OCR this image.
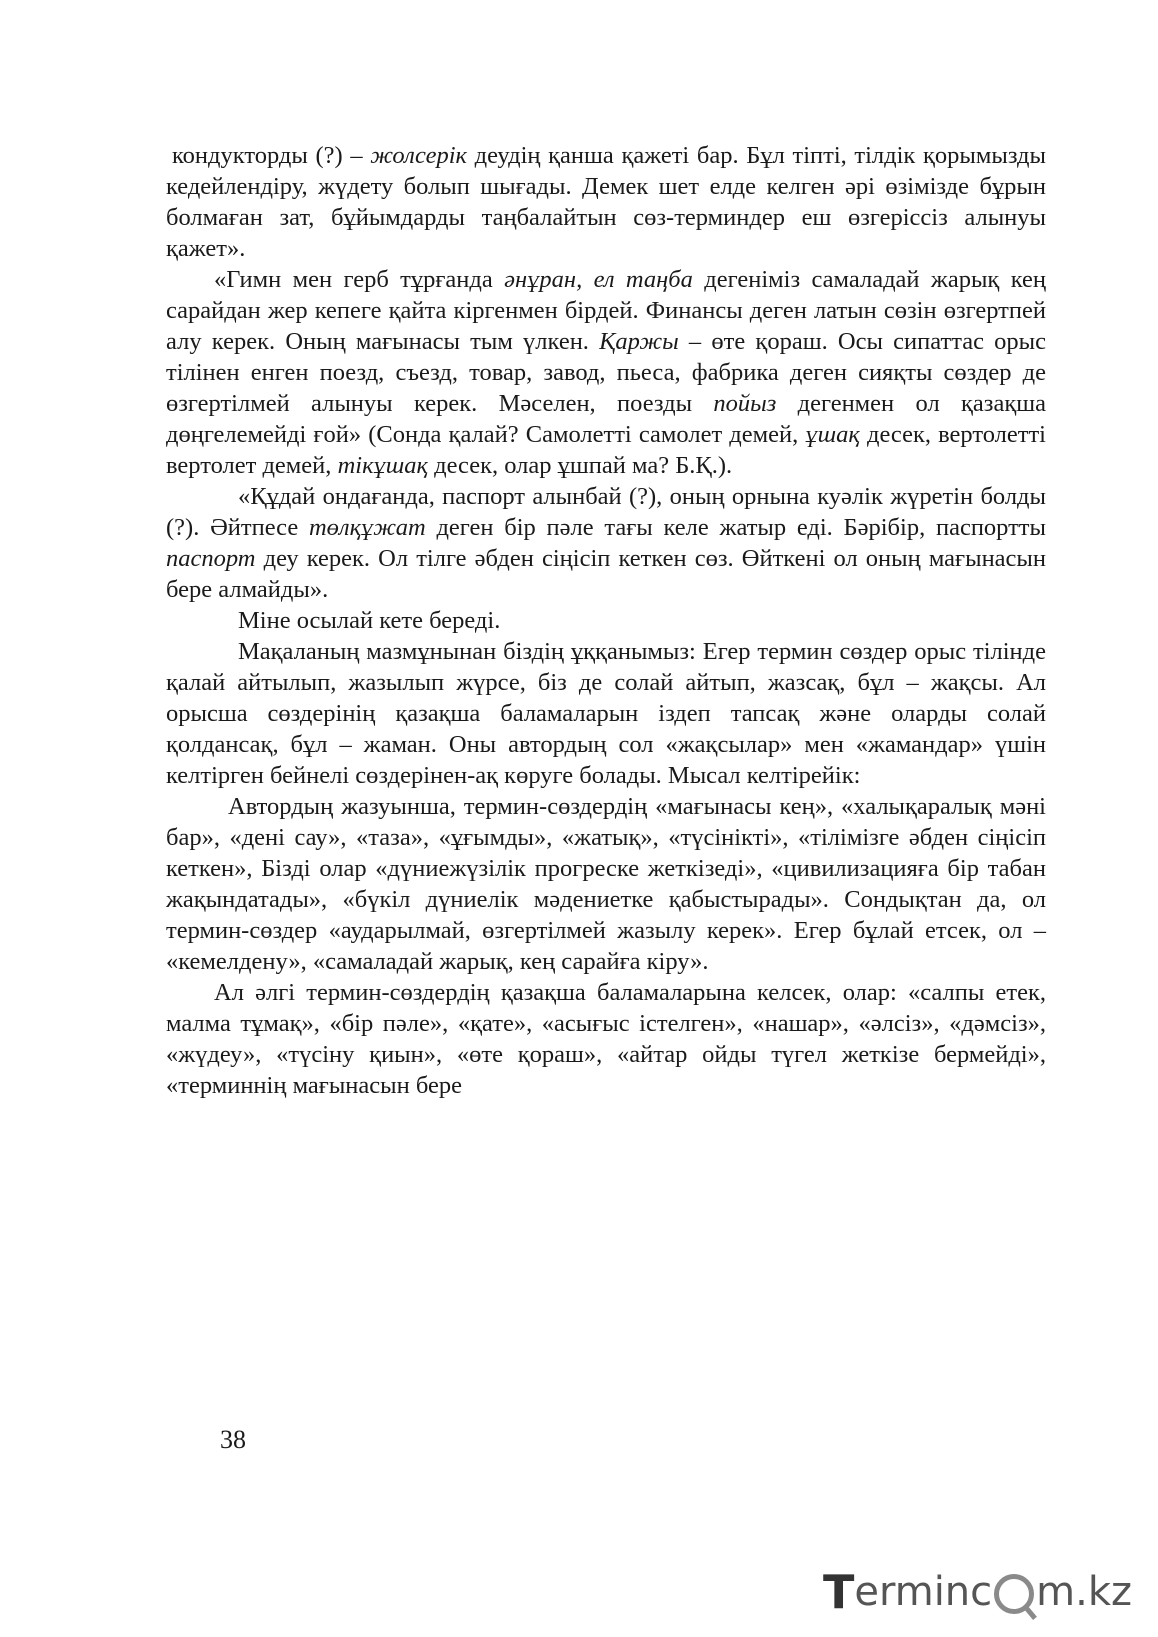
кондукторды (?) – жолсерік деудің қанша қажеті бар. Бұл тіпті, тілдік қорымызды кедейлендіру, жүдету болып шығады. Демек шет елде келген әрі өзімізде бұрын болмаған зат, бұйымдарды таңбалайтын сөз-терминдер еш өзгеріссіз алынуы қажет».

«Гимн мен герб тұрғанда әнұран, ел таңба дегеніміз самаладай жарық кең сарайдан жер кепеге қайта кіргенмен бірдей. Финансы деген латын сөзін өзгертпей алу керек. Оның мағынасы тым үлкен. Қаржы – өте қораш. Осы сипаттас орыс тілінен енген поезд, съезд, товар, завод, пьеса, фабрика деген сияқты сөздер де өзгертілмей алынуы керек. Мәселен, поезды пойыз дегенмен ол қазақша дөңгелемейді ғой» (Сонда қалай? Самолетті самолет демей, ұшақ десек, вертолетті вертолет демей, тікұшақ десек, олар ұшпай ма? Б.Қ.).

«Құдай ондағанда, паспорт алынбай (?), оның орнына куәлік жүретін болды (?). Әйтпесе төлқұжат деген бір пәле тағы келе жатыр еді. Бәрібір, паспортты паспорт деу керек. Ол тілге әбден сіңісіп кеткен сөз. Өйткені ол оның мағынасын бере алмайды».

Міне осылай кете береді.

Мақаланың мазмұнынан біздің ұққанымыз: Егер термин сөздер орыс тілінде қалай айтылып, жазылып жүрсе, біз де солай айтып, жазсақ, бұл – жақсы. Ал орысша сөздерінің қазақша баламаларын іздеп тапсақ және оларды солай қолдансақ, бұл – жаман. Оны автордың сол «жақсылар» мен «жамандар» үшін келтірген бейнелі сөздерінен-ақ көруге болады. Мысал келтірейік:

Автордың жазуынша, термин-сөздердің «мағынасы кең», «халықаралық мәні бар», «дені сау», «таза», «ұғымды», «жатық», «түсінікті», «тілімізге әбден сіңісіп кеткен», Бізді олар «дүниежүзілік прогреске жеткізеді», «цивилизацияға бір табан жақындатады», «бүкіл дүниелік мәдениетке қабыстырады». Сондықтан да, ол термин-сөздер «аударылмай, өзгертілмей жазылу керек». Егер бұлай етсек, ол – «кемелдену», «самаладай жарық, кең сарайға кіру».

Ал әлгі термин-сөздердің қазақша баламаларына келсек, олар: «салпы етек, малма тұмақ», «бір пәле», «қате», «асығыс істелген», «нашар», «әлсіз», «дәмсіз», «жүдеу», «түсіну қиын», «өте қораш», «айтар ойды түгел жеткізе бермейді», «терминнің мағынасын бере

38
T ermin c m.kz
